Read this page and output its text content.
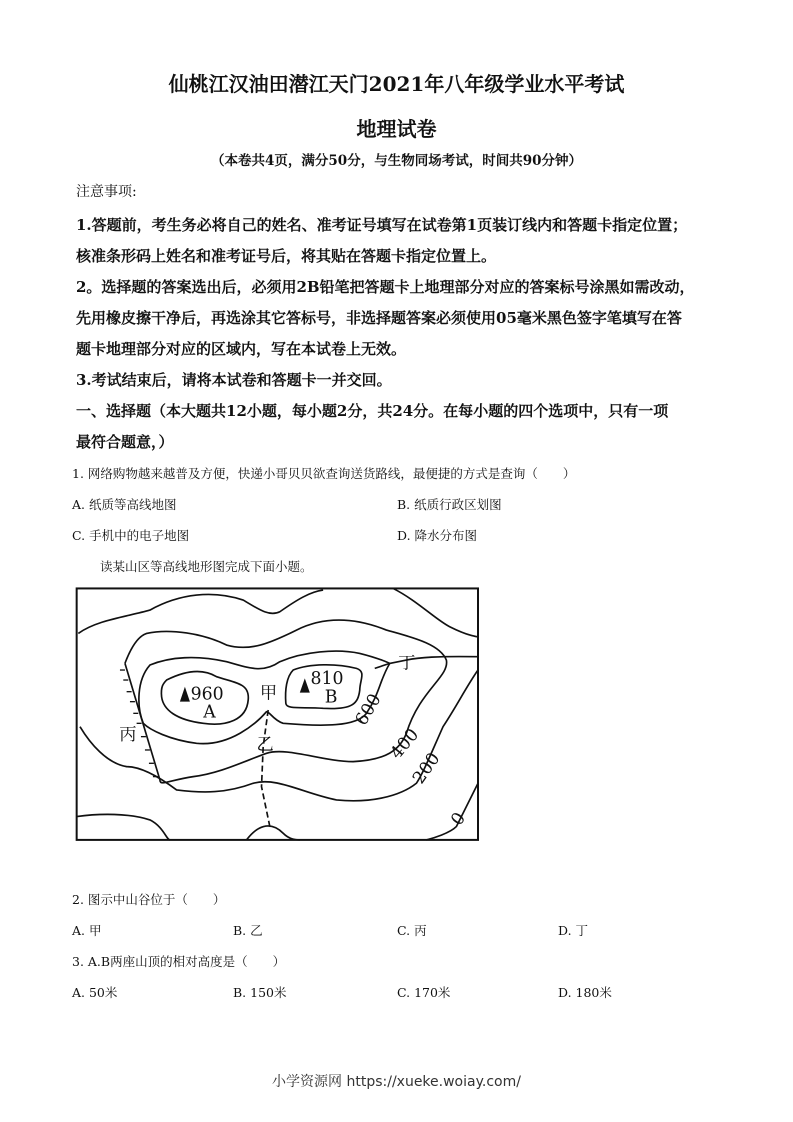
仙桃江汉油田潜江天门2021年八年级学业水平考试
地理试卷
（本卷共4页，满分50分，与生物同场考试，时间共90分钟）
注意事项:
1.答题前，考生务必将自己的姓名、准考证号填写在试卷第1页装订线内和答题卡指定位置；
核准条形码上姓名和准考证号后，将其贴在答题卡指定位置上。
2。选择题的答案选出后，必须用2B铅笔把答题卡上地理部分对应的答案标号涂黑如需改动，
先用橡皮擦干净后，再选涂其它答标号，非选择题答案必须使用05毫米黑色签字笔填写在答
题卡地理部分对应的区域内，写在本试卷上无效。
3.考试结束后，请将本试卷和答题卡一并交回。
一、选择题（本大题共12小题，每小题2分，共24分。在每小题的四个选项中，只有一项
最符合题意，）
1. 网络购物越来越普及方便，快递小哥贝贝欲查询送货路线，最便捷的方式是查询（　　）
A. 纸质等高线地图	B. 纸质行政区划图
C. 手机中的电子地图	D. 降水分布图
读某山区等高线地形图完成下面小题。
960
A
810
B
甲
乙
丙
丁
600
400
200
0
2. 图示中山谷位于（　　）
A. 甲	B. 乙	C. 丙	D. 丁
3. A.B两座山顶的相对高度是（　　）
A. 50米	B. 150米	C. 170米	D. 180米
小学资源网 https://xueke.woiay.com/
